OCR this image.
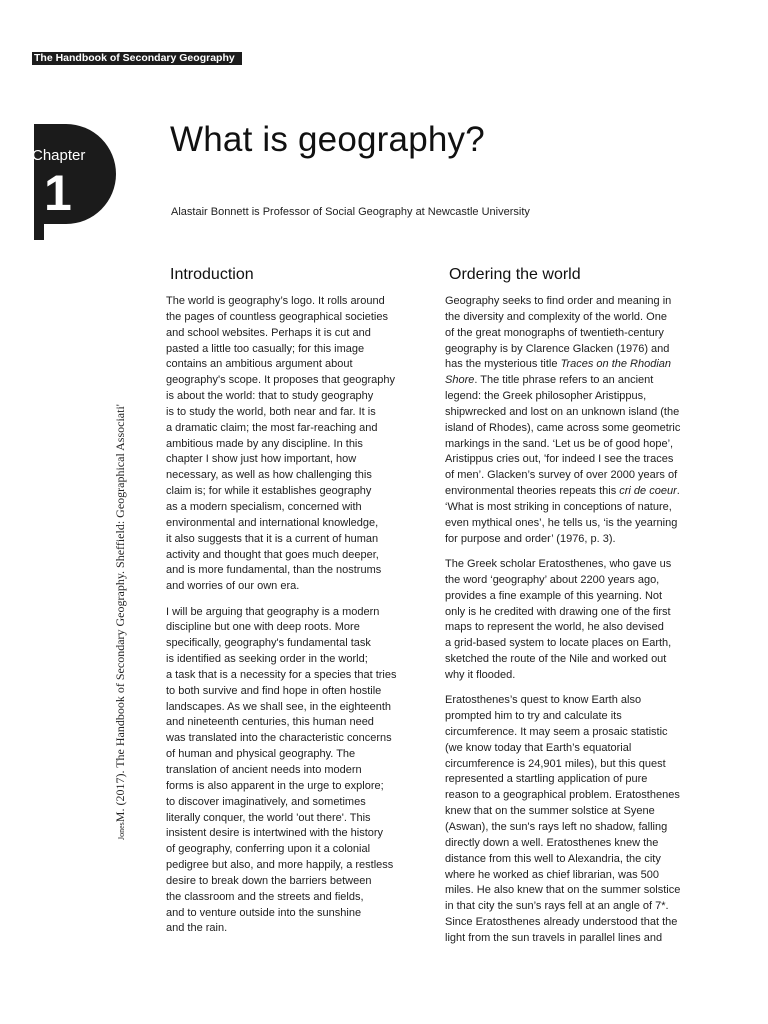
The Handbook of Secondary Geography
Chapter
1
What is geography?
Alastair Bonnett is Professor of Social Geography at Newcastle University
JonesM. (2017). The Handbook of Secondary Geography. Sheffield: Geographical Associati'
Introduction
The world is geography’s logo. It rolls around
the pages of countless geographical societies
and school websites. Perhaps it is cut and
pasted a little too casually; for this image
contains an ambitious argument about
geography's scope. It proposes that geography
is about the world: that to study geography
is to study the world, both near and far. It is
a dramatic claim; the most far-reaching and
ambitious made by any discipline. In this
chapter I show just how important, how
necessary, as well as how challenging this
claim is; for while it establishes geography
as a modern specialism, concerned with
environmental and international knowledge,
it also suggests that it is a current of human
activity and thought that goes much deeper,
and is more fundamental, than the nostrums
and worries of our own era.
I will be arguing that geography is a modern
discipline but one with deep roots. More
specifically, geography's fundamental task
is identified as seeking order in the world;
a task that is a necessity for a species that tries
to both survive and find hope in often hostile
landscapes. As we shall see, in the eighteenth
and nineteenth centuries, this human need
was translated into the characteristic concerns
of human and physical geography. The
translation of ancient needs into modern
forms is also apparent in the urge to explore;
to discover imaginatively, and sometimes
literally conquer, the world 'out there'. This
insistent desire is intertwined with the history
of geography, conferring upon it a colonial
pedigree but also, and more happily, a restless
desire to break down the barriers between
the classroom and the streets and fields,
and to venture outside into the sunshine
and the rain.
Ordering the world
Geography seeks to find order and meaning in
the diversity and complexity of the world. One
of the great monographs of twentieth-century
geography is by Clarence Glacken (1976) and
has the mysterious title Traces on the Rhodian
Shore. The title phrase refers to an ancient
legend: the Greek philosopher Aristippus,
shipwrecked and lost on an unknown island (the
island of Rhodes), came across some geometric
markings in the sand. ‘Let us be of good hope’,
Aristippus cries out, 'for indeed I see the traces
of men’. Glacken’s survey of over 2000 years of
environmental theories repeats this cri de coeur.
‘What is most striking in conceptions of nature,
even mythical ones’, he tells us, ‘is the yearning
for purpose and order’ (1976, p. 3).
The Greek scholar Eratosthenes, who gave us
the word ‘geography’ about 2200 years ago,
provides a fine example of this yearning. Not
only is he credited with drawing one of the first
maps to represent the world, he also devised
a grid-based system to locate places on Earth,
sketched the route of the Nile and worked out
why it flooded.
Eratosthenes’s quest to know Earth also
prompted him to try and calculate its
circumference. It may seem a prosaic statistic
(we know today that Earth’s equatorial
circumference is 24,901 miles), but this quest
represented a startling application of pure
reason to a geographical problem. Eratosthenes
knew that on the summer solstice at Syene
(Aswan), the sun's rays left no shadow, falling
directly down a well. Eratosthenes knew the
distance from this well to Alexandria, the city
where he worked as chief librarian, was 500
miles. He also knew that on the summer solstice
in that city the sun’s rays fell at an angle of 7*.
Since Eratosthenes already understood that the
light from the sun travels in parallel lines and
